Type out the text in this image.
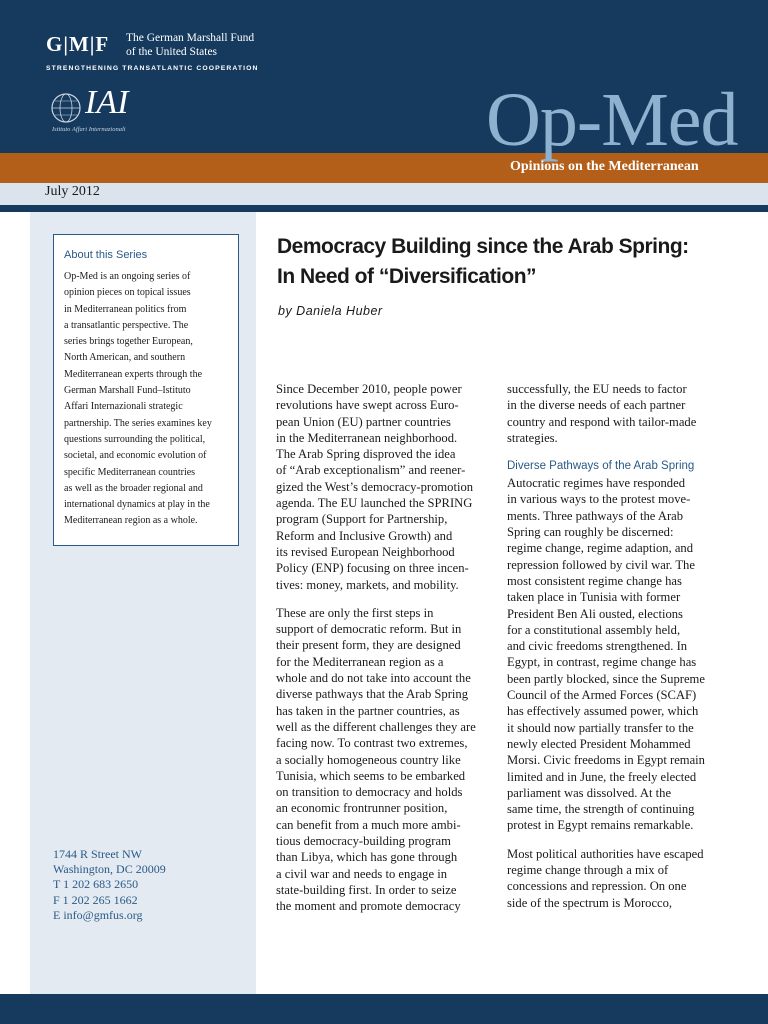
G|M|F The German Marshall Fund
of the United States
STRENGTHENING TRANSATLANTIC COOPERATION
IAI
Istituto Affari Internazionali	Op-Med
Opinions on the Mediterranean
July 2012
About this Series
Op-Med is an ongoing series of
opinion pieces on topical issues
in Mediterranean politics from
a transatlantic perspective. The
series brings together European,
North American, and southern
Mediterranean experts through the
German Marshall Fund–Istituto
Affari Internazionali strategic
partnership. The series examines key
questions surrounding the political,
societal, and economic evolution of
specific Mediterranean countries
as well as the broader regional and
international dynamics at play in the
Mediterranean region as a whole.
1744 R Street NW
Washington, DC 20009
T 1 202 683 2650
F 1 202 265 1662
E info@gmfus.org
Democracy Building since the Arab Spring:
In Need of “Diversification”
by Daniela Huber

Since December 2010, people power
revolutions have swept across Euro-
pean Union (EU) partner countries
in the Mediterranean neighborhood.
The Arab Spring disproved the idea
of “Arab exceptionalism” and reener-
gized the West’s democracy-promotion
agenda. The EU launched the SPRING
program (Support for Partnership,
Reform and Inclusive Growth) and
its revised European Neighborhood
Policy (ENP) focusing on three incen-
tives: money, markets, and mobility.

These are only the first steps in
support of democratic reform. But in
their present form, they are designed
for the Mediterranean region as a
whole and do not take into account the
diverse pathways that the Arab Spring
has taken in the partner countries, as
well as the different challenges they are
facing now. To contrast two extremes,
a socially homogeneous country like
Tunisia, which seems to be embarked
on transition to democracy and holds
an economic frontrunner position,
can benefit from a much more ambi-
tious democracy-building program
than Libya, which has gone through
a civil war and needs to engage in
state-building first. In order to seize
the moment and promote democracy

successfully, the EU needs to factor
in the diverse needs of each partner
country and respond with tailor-made
strategies.

Diverse Pathways of the Arab Spring

Autocratic regimes have responded
in various ways to the protest move-
ments. Three pathways of the Arab
Spring can roughly be discerned:
regime change, regime adaption, and
repression followed by civil war. The
most consistent regime change has
taken place in Tunisia with former
President Ben Ali ousted, elections
for a constitutional assembly held,
and civic freedoms strengthened. In
Egypt, in contrast, regime change has
been partly blocked, since the Supreme
Council of the Armed Forces (SCAF)
has effectively assumed power, which
it should now partially transfer to the
newly elected President Mohammed
Morsi. Civic freedoms in Egypt remain
limited and in June, the freely elected
parliament was dissolved. At the
same time, the strength of continuing
protest in Egypt remains remarkable.

Most political authorities have escaped
regime change through a mix of
concessions and repression. On one
side of the spectrum is Morocco,
